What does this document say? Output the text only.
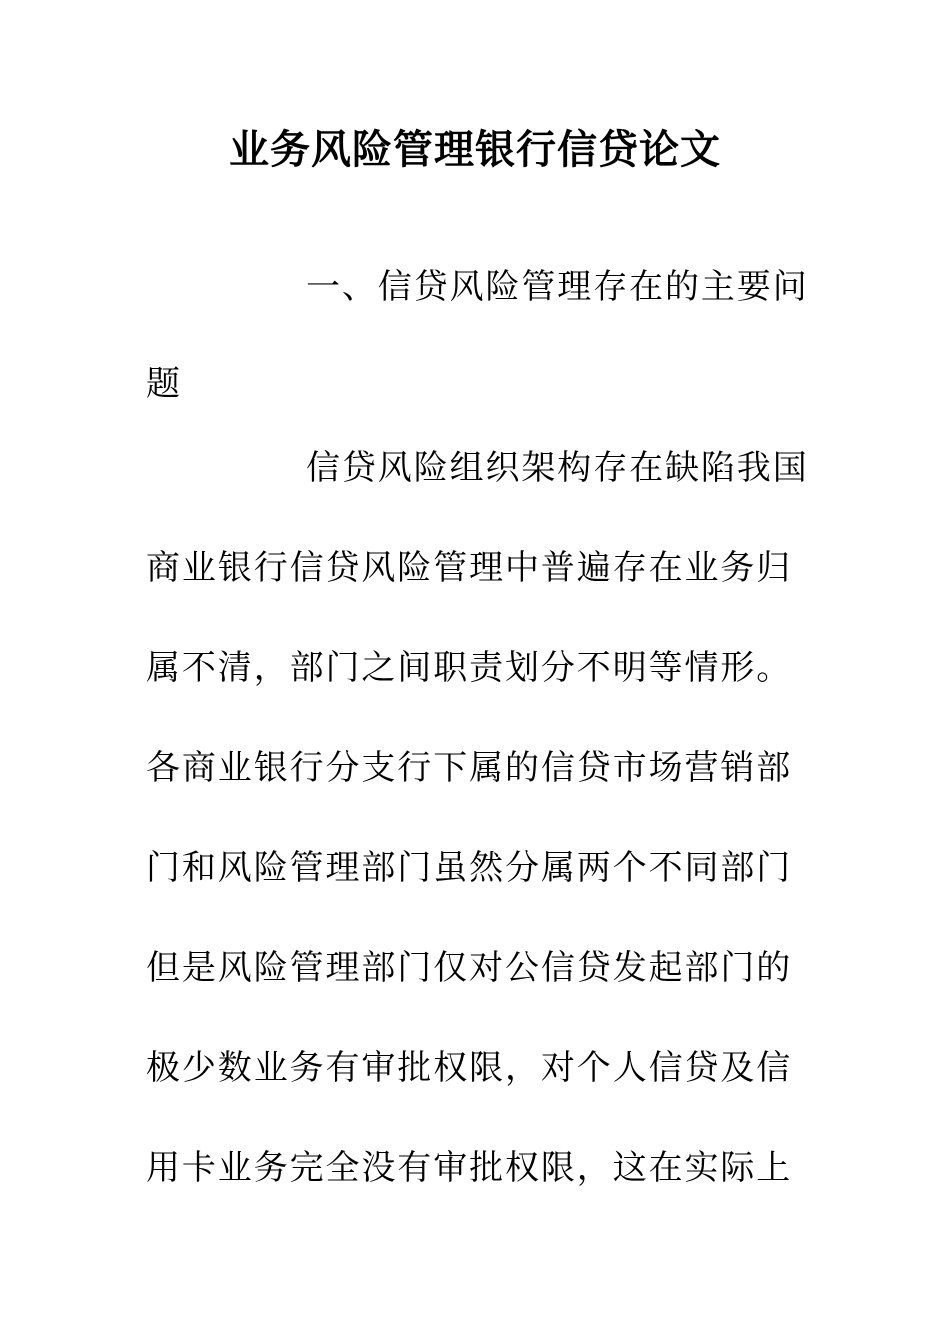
业务风险管理银行信贷论文
一、信贷风险管理存在的主要问
题
信贷风险组织架构存在缺陷我国
商业银行信贷风险管理中普遍存在业务归
属不清，部门之间职责划分不明等情形。
各商业银行分支行下属的信贷市场营销部
门和风险管理部门虽然分属两个不同部门
但是风险管理部门仅对公信贷发起部门的
极少数业务有审批权限，对个人信贷及信
用卡业务完全没有审批权限，这在实际上
